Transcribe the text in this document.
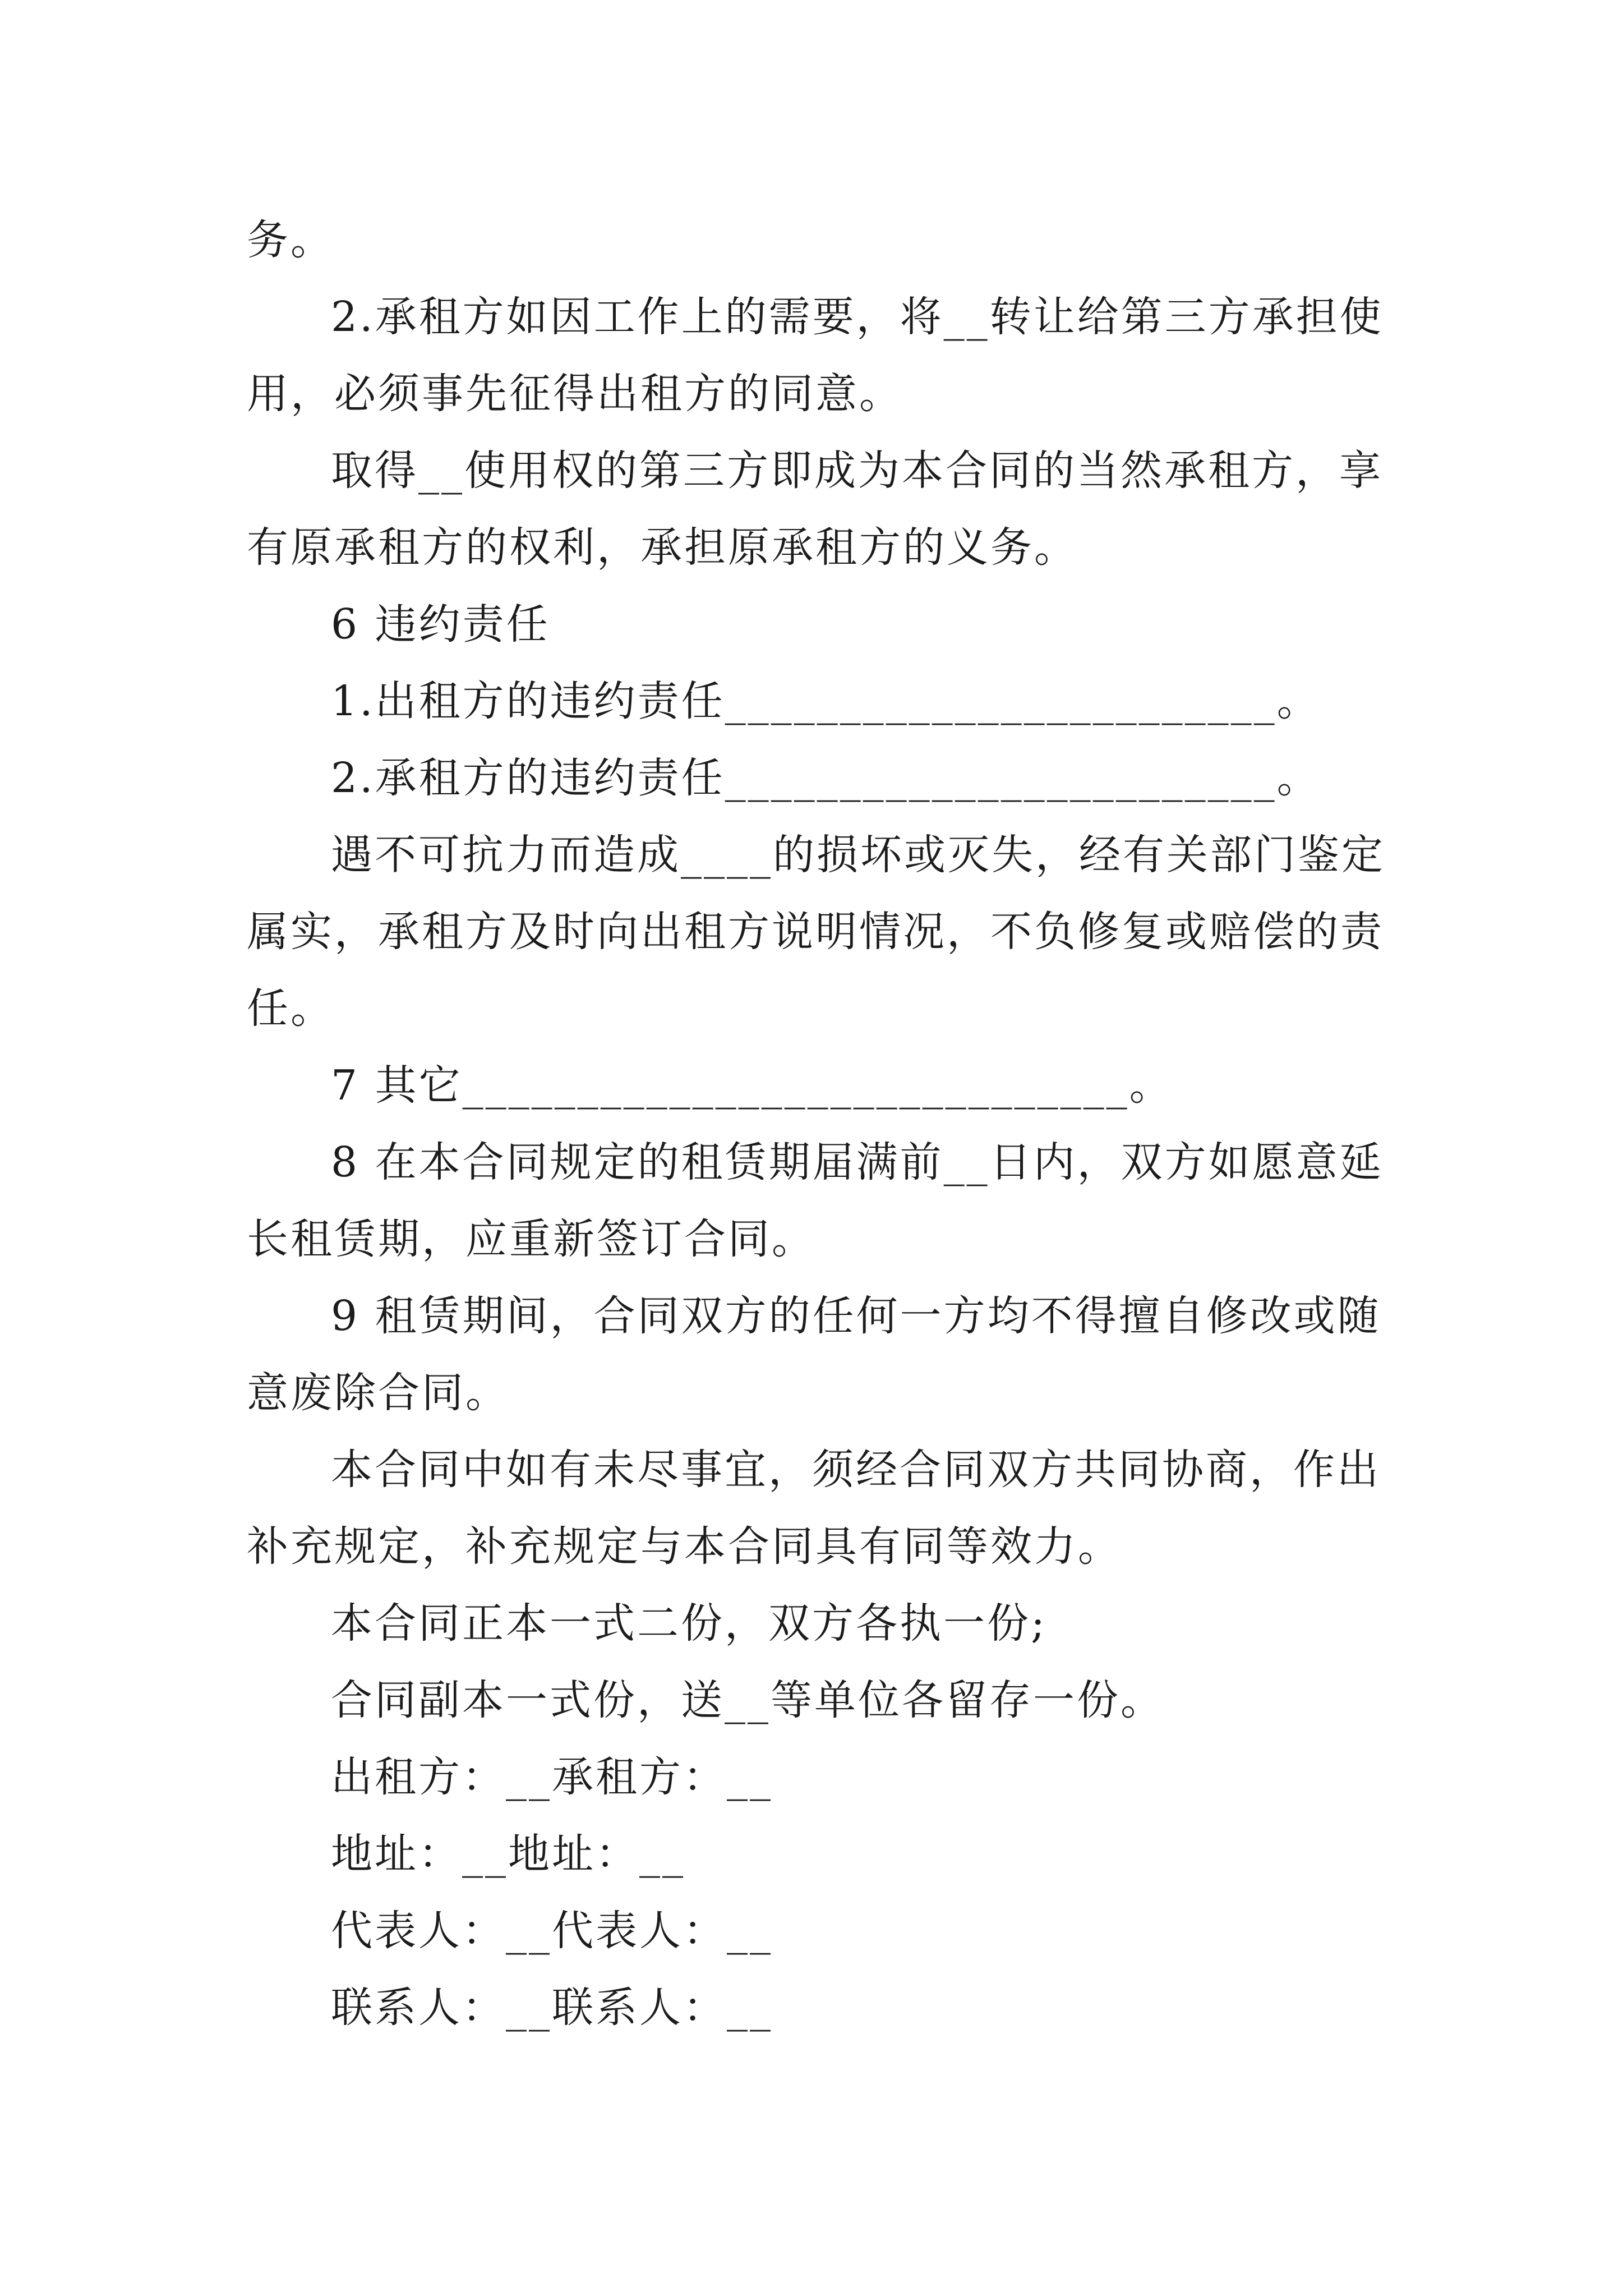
务。
2.承租方如因工作上的需要，将__转让给第三方承担使
用，必须事先征得出租方的同意。
取得__使用权的第三方即成为本合同的当然承租方，享
有原承租方的权利，承担原承租方的义务。
6 违约责任
1.出租方的违约责任________________________。
2.承租方的违约责任________________________。
遇不可抗力而造成____的损坏或灭失，经有关部门鉴定
属实，承租方及时向出租方说明情况，不负修复或赔偿的责
任。
7 其它_____________________________。
8 在本合同规定的租赁期届满前__日内，双方如愿意延
长租赁期，应重新签订合同。
9 租赁期间，合同双方的任何一方均不得擅自修改或随
意废除合同。
本合同中如有未尽事宜，须经合同双方共同协商，作出
补充规定，补充规定与本合同具有同等效力。
本合同正本一式二份，双方各执一份;
合同副本一式份，送__等单位各留存一份。
出租方：__承租方：__
地址：__地址：__
代表人：__代表人：__
联系人：__联系人：__
